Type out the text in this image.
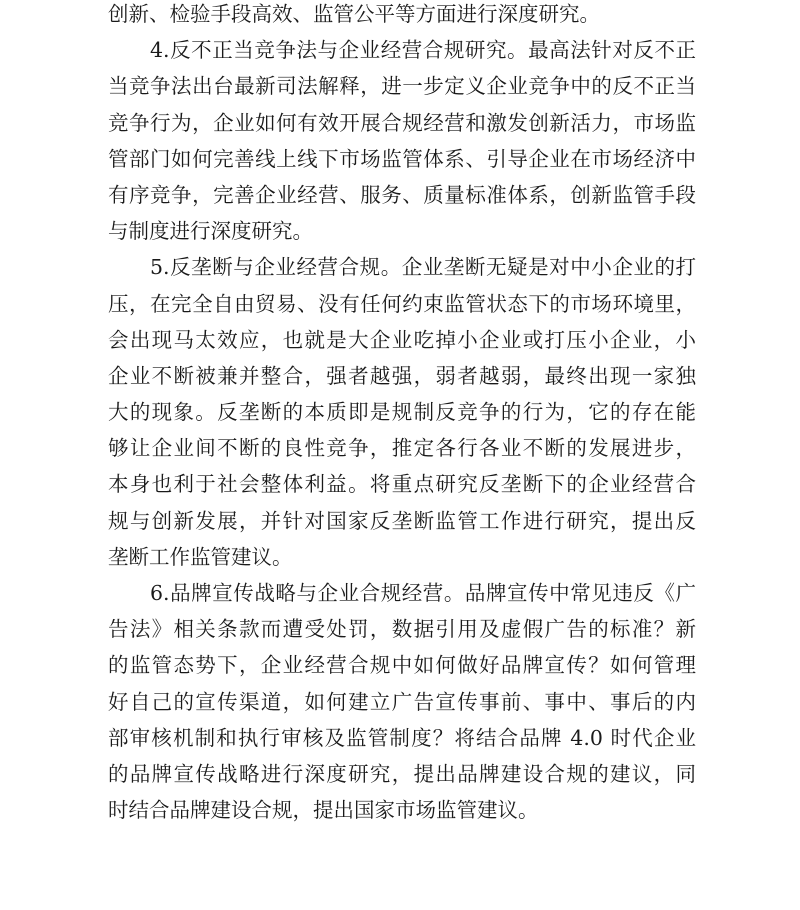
创新、检验手段高效、监管公平等方面进行深度研究。
4.反不正当竞争法与企业经营合规研究。最高法针对反不正
当竞争法出台最新司法解释，进一步定义企业竞争中的反不正当
竞争行为，企业如何有效开展合规经营和激发创新活力，市场监
管部门如何完善线上线下市场监管体系、引导企业在市场经济中
有序竞争，完善企业经营、服务、质量标准体系，创新监管手段
与制度进行深度研究。
5.反垄断与企业经营合规。企业垄断无疑是对中小企业的打
压，在完全自由贸易、没有任何约束监管状态下的市场环境里，
会出现马太效应，也就是大企业吃掉小企业或打压小企业，小
企业不断被兼并整合，强者越强，弱者越弱，最终出现一家独
大的现象。反垄断的本质即是规制反竞争的行为，它的存在能
够让企业间不断的良性竞争，推定各行各业不断的发展进步，
本身也利于社会整体利益。将重点研究反垄断下的企业经营合
规与创新发展，并针对国家反垄断监管工作进行研究，提出反
垄断工作监管建议。
6.品牌宣传战略与企业合规经营。品牌宣传中常见违反《广
告法》相关条款而遭受处罚，数据引用及虚假广告的标准？新
的监管态势下，企业经营合规中如何做好品牌宣传？如何管理
好自己的宣传渠道，如何建立广告宣传事前、事中、事后的内
部审核机制和执行审核及监管制度？将结合品牌 4.0 时代企业
的品牌宣传战略进行深度研究，提出品牌建设合规的建议，同
时结合品牌建设合规，提出国家市场监管建议。
